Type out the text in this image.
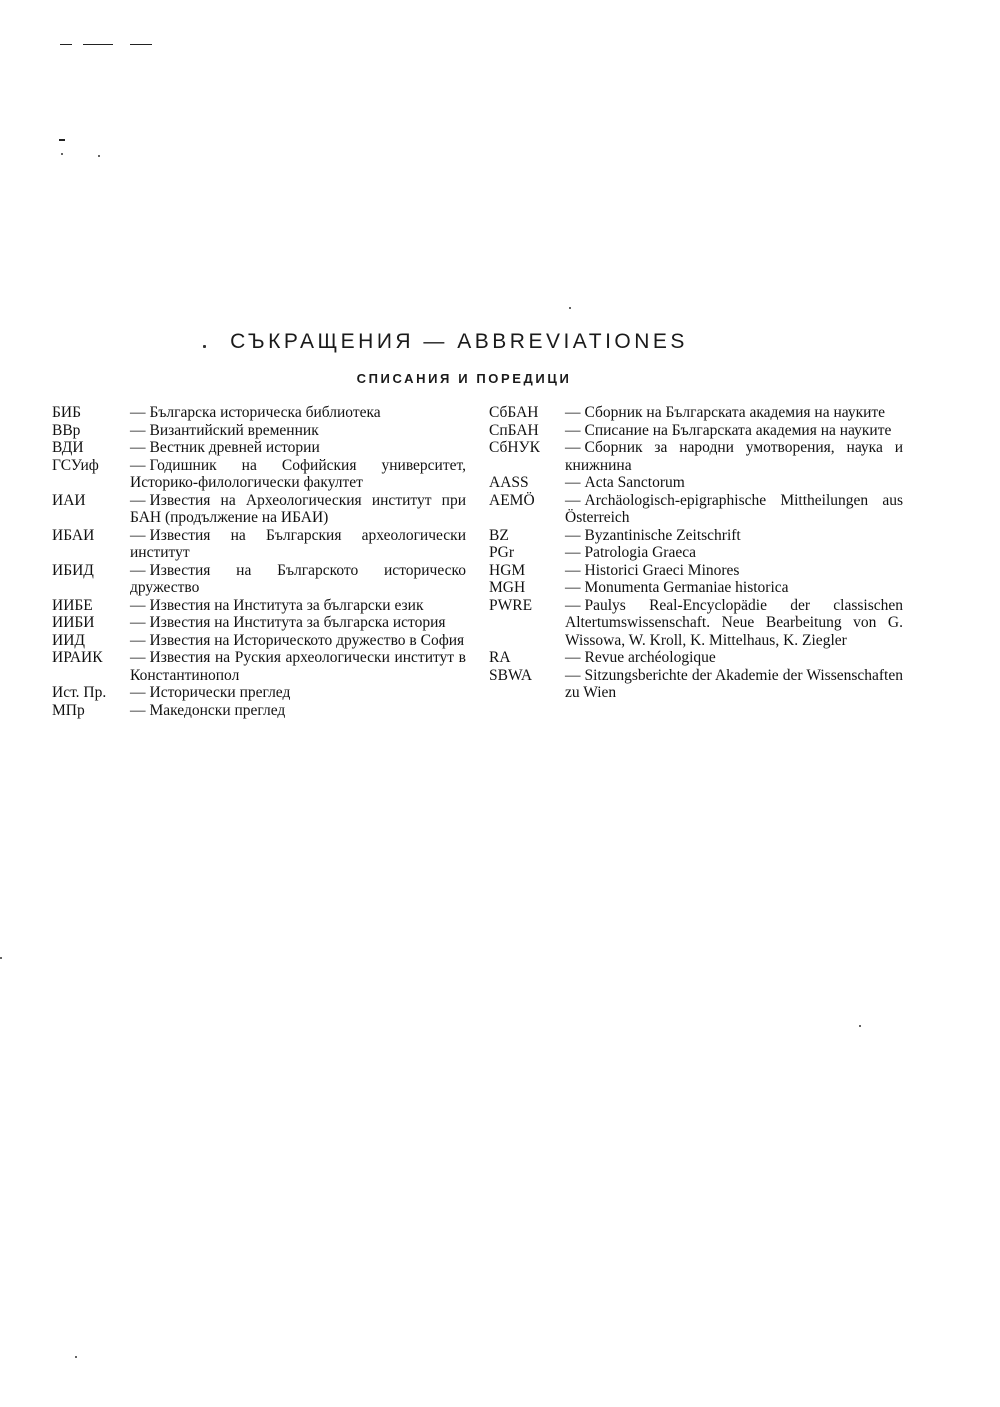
СЪКРАЩЕНИЯ — ABBREVIATIONES
СПИСАНИЯ И ПОРЕДИЦИ
БИБ	— Българска историческа библиотека
ВВр	— Византийский временник
ВДИ	— Вестник древней истории
ГСУиф	— Годишник на Софийския университет, Историко-филологически факултет
ИАИ	— Известия на Археологическия институт при БАН (продължение на ИБАИ)
ИБАИ	— Известия на Българския археологически институт
ИБИД	— Известия на Българското историческо дружество
ИИБЕ	— Известия на Института за български език
ИИБИ	— Известия на Института за българска история
ИИД	— Известия на Историческото дружество в София
ИРАИК	— Известия на Руския археологически институт в Константинопол
Ист. Пр.	— Исторически преглед
МПр	— Македонски преглед
СбБАН	— Сборник на Българската академия на науките
СпБАН	— Списание на Българската академия на науките
СбНУК	— Сборник за народни умотворения, наука и книжнина
AASS	— Acta Sanctorum
AEMÖ	— Archäologisch-epigraphische Mittheilungen aus Österreich
BZ	— Byzantinische Zeitschrift
PGr	— Patrologia Graeca
HGM	— Historici Graeci Minores
MGH	— Monumenta Germaniae historica
PWRE	— Paulys Real-Encyclopädie der classischen Altertumswissenschaft. Neue Bearbeitung von G. Wissowa, W. Kroll, K. Mittelhaus, K. Ziegler
RA	— Revue archéologique
SBWA	— Sitzungsberichte der Akademie der Wissenschaften zu Wien
